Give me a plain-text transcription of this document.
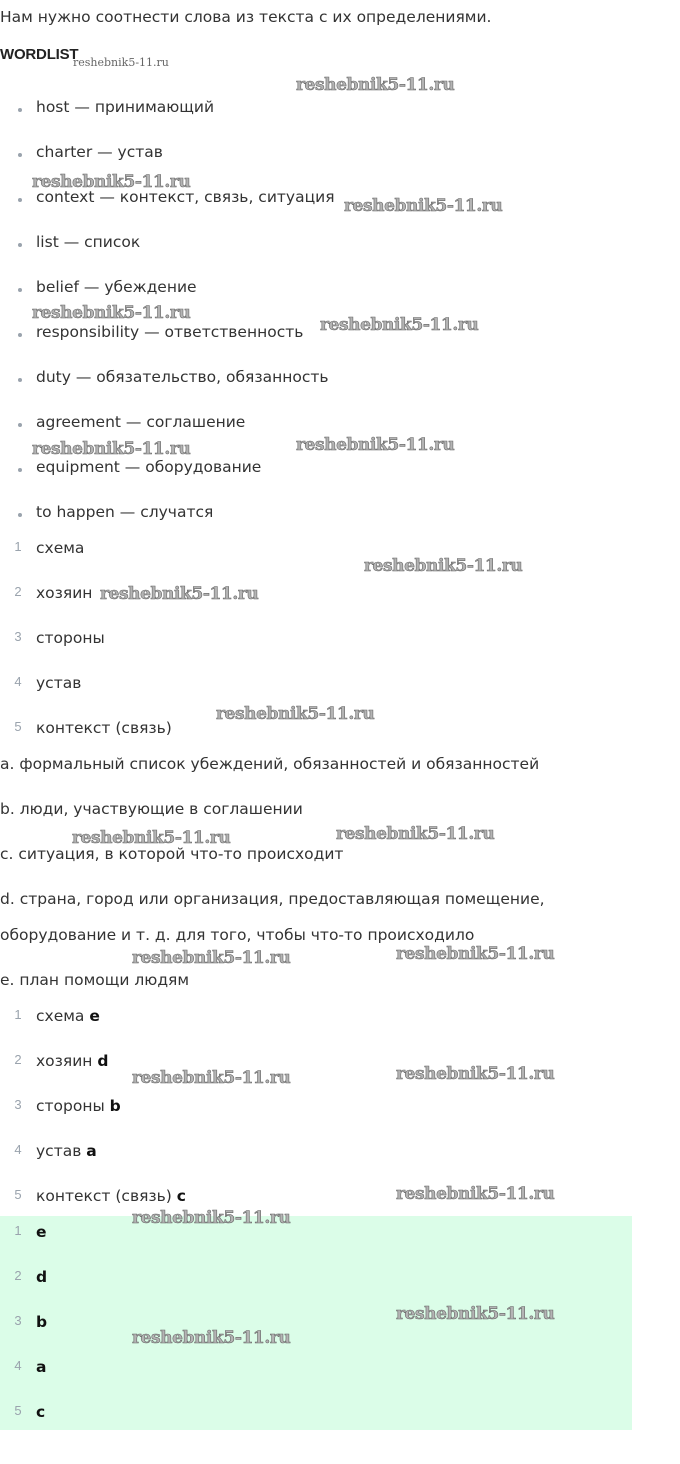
Нам нужно соотнести слова из текста с их определениями.
WORDLIST
reshebnik5-11.ru
host — принимающий
charter — устав
context — контекст, связь, ситуация
list — список
belief — убеждение
responsibility — ответственность
duty — обязательство, обязанность
agreement — соглашение
equipment — оборудование
to happen — случатся
1 схема
2 хозяин
3 стороны
4 устав
5 контекст (связь)
a. формальный список убеждений, обязанностей и обязанностей
b. люди, участвующие в соглашении
c. ситуация, в которой что-то происходит
d. страна, город или организация, предоставляющая помещение,
оборудование и т. д. для того, чтобы что-то происходило
e. план помощи людям
1 схема e
2 хозяин d
3 стороны b
4 устав a
5 контекст (связь) c
1 e
2 d
3 b
4 a
5 c
reshebnik5-11.ru
reshebnik5-11.ru
reshebnik5-11.ru
reshebnik5-11.ru
reshebnik5-11.ru
reshebnik5-11.ru	reshebnik5-11.ru
reshebnik5-11.ru
reshebnik5-11.ru
reshebnik5-11.ru
reshebnik5-11.ru	reshebnik5-11.ru
reshebnik5-11.ru	reshebnik5-11.ru
reshebnik5-11.ru	reshebnik5-11.ru
reshebnik5-11.ru
reshebnik5-11.ru
reshebnik5-11.ru
reshebnik5-11.ru
